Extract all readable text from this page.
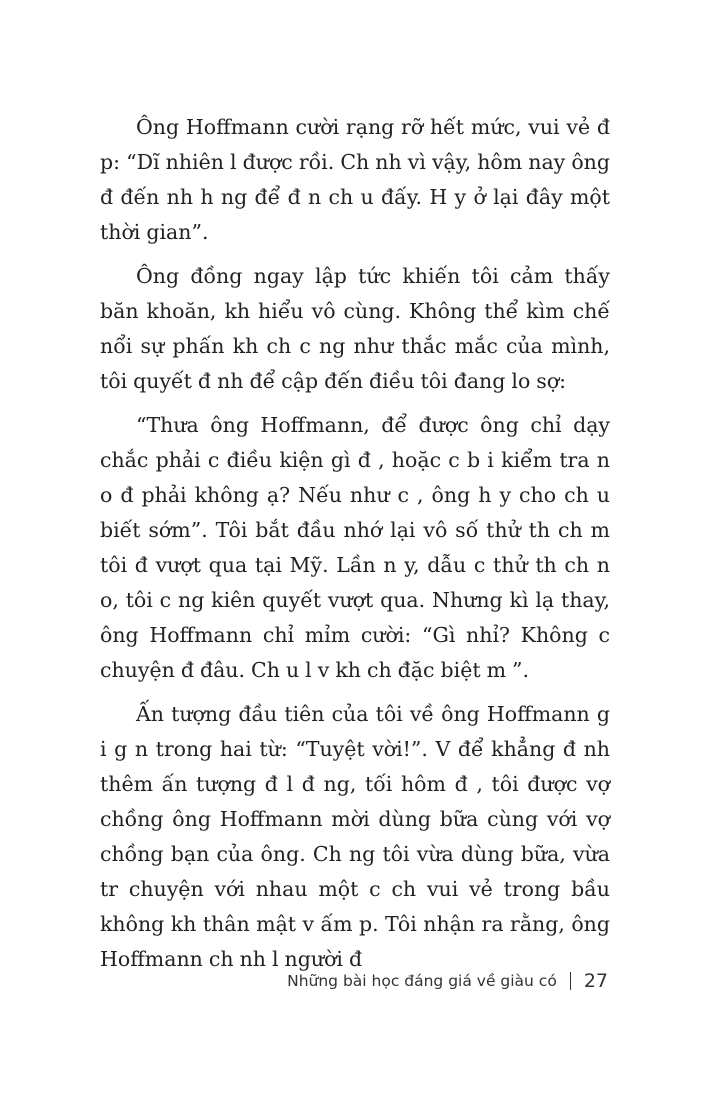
Ông Hoffmann cười rạng rỡ hết mức, vui vẻ đ p: “Dĩ nhiên l được rồi. Ch nh vì vậy, hôm nay ông đ đến nh h ng để đ n ch u đấy. H y ở lại đây một thời gian”.

Ông đồng ngay lập tức khiến tôi cảm thấy băn khoăn, kh hiểu vô cùng. Không thể kìm chế nổi sự phấn kh ch c ng như thắc mắc của mình, tôi quyết đ nh để cập đến điều tôi đang lo sợ:

“Thưa ông Hoffmann, để được ông chỉ dạy chắc phải c điều kiện gì đ , hoặc c b i kiểm tra n o đ phải không ạ? Nếu như c , ông h y cho ch u biết sớm”. Tôi bắt đầu nhớ lại vô số thử th ch m tôi đ vượt qua tại Mỹ. Lần n y, dẫu c thử th ch n o, tôi c ng kiên quyết vượt qua. Nhưng kì lạ thay, ông Hoffmann chỉ mỉm cười: “Gì nhỉ? Không c chuyện đ đâu. Ch u l v kh ch đặc biệt m ”.

Ấn tượng đầu tiên của tôi về ông Hoffmann g i g n trong hai từ: “Tuyệt vời!”. V để khẳng đ nh thêm ấn tượng đ l đ ng, tối hôm đ , tôi được vợ chồng ông Hoffmann mời dùng bữa cùng với vợ chồng bạn của ông. Ch ng tôi vừa dùng bữa, vừa tr chuyện với nhau một c ch vui vẻ trong bầu không kh thân mật v ấm p. Tôi nhận ra rằng, ông Hoffmann ch nh l người đ

Những bài học đáng giá về giàu có 27
